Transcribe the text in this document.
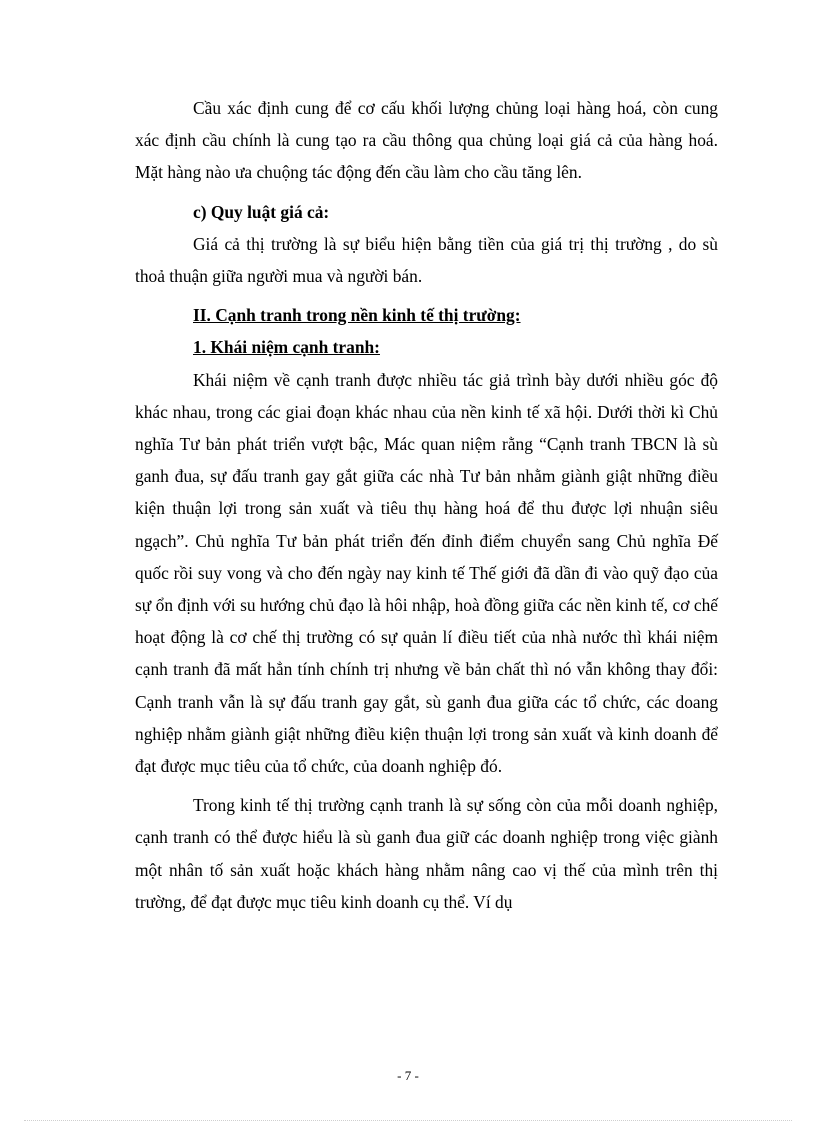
Cầu xác định cung để cơ cấu khối lượng chủng loại hàng hoá, còn cung xác định cầu chính là cung tạo ra cầu thông qua chủng loại giá cả của hàng hoá. Mặt hàng nào ưa chuộng tác động đến cầu làm cho cầu tăng lên.

c) Quy luật giá cả:

Giá cả thị trường là sự biểu hiện bằng tiền của giá trị thị trường , do sù thoả thuận giữa người mua và người bán.

II. Cạnh tranh trong nền kinh tế thị trường:

1. Khái niệm cạnh tranh:

Khái niệm về cạnh tranh được nhiều tác giả trình bày dưới nhiều góc độ khác nhau, trong các giai đoạn khác nhau của nền kinh tế xã hội. Dưới thời kì Chủ nghĩa Tư bản phát triển vượt bậc, Mác quan niệm rằng “Cạnh tranh TBCN là sù ganh đua, sự đấu tranh gay gắt giữa các nhà Tư bản nhằm giành giật những điều kiện thuận lợi trong sản xuất và tiêu thụ hàng hoá để thu được lợi nhuận siêu ngạch”. Chủ nghĩa Tư bản phát triển đến đỉnh điểm chuyển sang Chủ nghĩa Đế quốc rồi suy vong và cho đến ngày nay kinh tế Thế giới đã dần đi vào quỹ đạo của sự ổn định với su hướng chủ đạo là hôi nhập, hoà đồng giữa các nền kinh tế, cơ chế hoạt động là cơ chế thị trường có sự quản lí điều tiết của nhà nước thì khái niệm cạnh tranh đã mất hẳn tính chính trị nhưng về bản chất thì nó vẫn không thay đổi: Cạnh tranh vẫn là sự đấu tranh gay gắt, sù ganh đua giữa các tổ chức, các doang nghiệp nhằm giành giật những điều kiện thuận lợi trong sản xuất và kinh doanh để đạt được mục tiêu của tổ chức, của doanh nghiệp đó.

Trong kinh tế thị trường cạnh tranh là sự sống còn của mỗi doanh nghiệp, cạnh tranh có thể được hiểu là sù ganh đua giữ các doanh nghiệp trong việc giành một nhân tố sản xuất hoặc khách hàng nhằm nâng cao vị thế của mình trên thị trường, để đạt được mục tiêu kinh doanh cụ thể. Ví dụ

- 7 -
